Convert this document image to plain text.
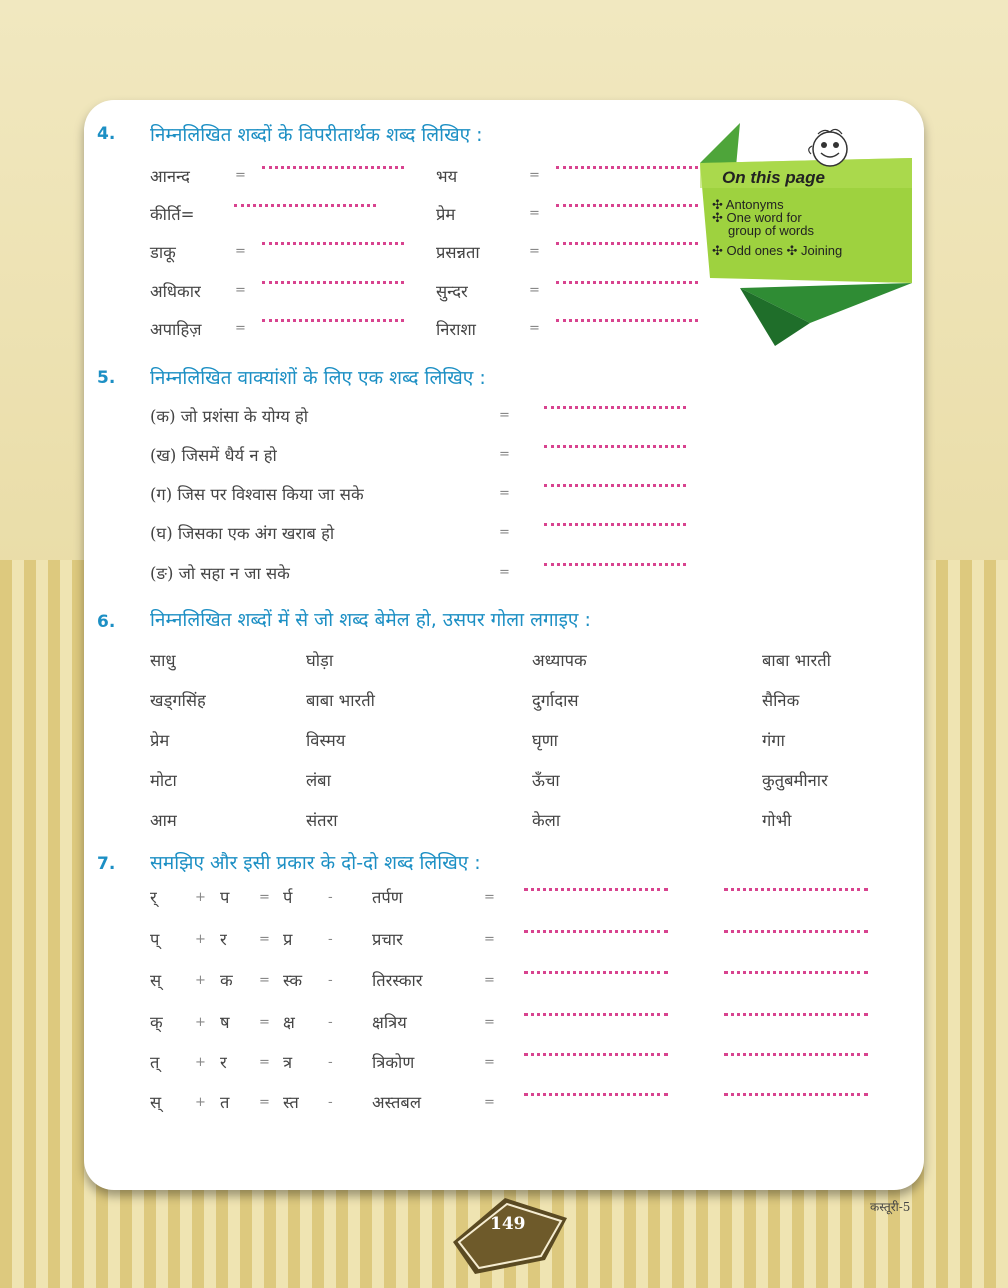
On this page
✣ Antonyms
✣ One word for
group of words
✣ Odd ones ✣ Joining
4. निम्नलिखित शब्दों के विपरीतार्थक शब्द लिखिए :
आनन्द	=	भय	=
कीर्ति=	प्रेम	=
डाकू	=	प्रसन्नता	=
अधिकार	=	सुन्दर	=
अपाहिज़	=	निराशा	=
5. निम्नलिखित वाक्यांशों के लिए एक शब्द लिखिए :
(क) जो प्रशंसा के योग्य हो	=
(ख) जिसमें धैर्य न हो	=
(ग) जिस पर विश्वास किया जा सके	=
(घ) जिसका एक अंग खराब हो	=
(ङ) जो सहा न जा सके	=
6. निम्नलिखित शब्दों में से जो शब्द बेमेल हो, उसपर गोला लगाइए :
साधु	घोड़ा	अध्यापक	बाबा भारती
खड्गसिंह	बाबा भारती	दुर्गादास	सैनिक
प्रेम	विस्मय	घृणा	गंगा
मोटा	लंबा	ऊँचा	कुतुबमीनार
आम	संतरा	केला	गोभी
7. समझिए और इसी प्रकार के दो-दो शब्द लिखिए :
र्	+ प = र्प	- तर्पण	=
प्	+ र = प्र	- प्रचार	=
स्	+ क = स्क - तिरस्कार	=
क् + ष = क्ष	- क्षत्रिय	=
त्	+ र = त्र	- त्रिकोण	=
स्	+ त = स्त - अस्तबल	=
149
कस्तूरी-5
